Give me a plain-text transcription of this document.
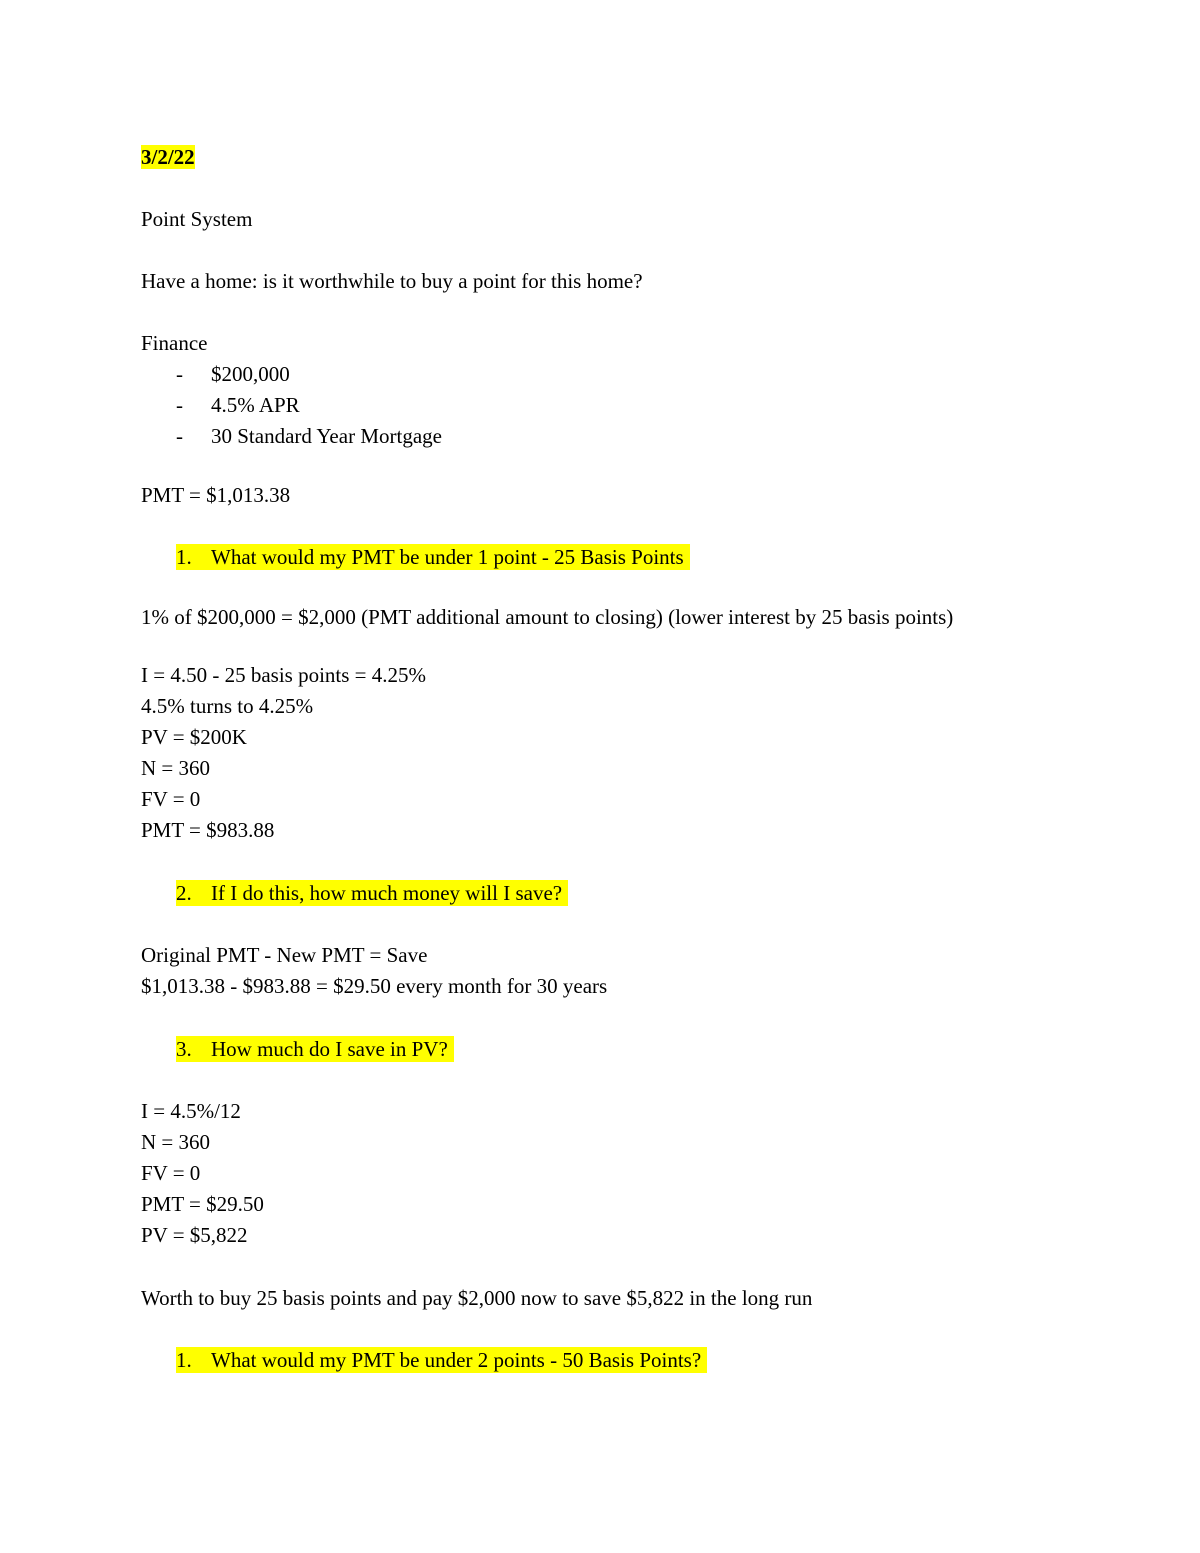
3/2/22
Point System
Have a home: is it worthwhile to buy a point for this home?
Finance
- $200,000
- 4.5% APR
- 30 Standard Year Mortgage
PMT = $1,013.38
1. What would my PMT be under 1 point - 25 Basis Points
1% of $200,000 = $2,000 (PMT additional amount to closing) (lower interest by 25 basis points)
I = 4.50 - 25 basis points = 4.25%
4.5% turns to 4.25%
PV = $200K
N = 360
FV = 0
PMT = $983.88
2. If I do this, how much money will I save?
Original PMT - New PMT = Save
$1,013.38 - $983.88 = $29.50 every month for 30 years
3. How much do I save in PV?
I = 4.5%/12
N = 360
FV = 0
PMT = $29.50
PV = $5,822
Worth to buy 25 basis points and pay $2,000 now to save $5,822 in the long run
1. What would my PMT be under 2 points - 50 Basis Points?
